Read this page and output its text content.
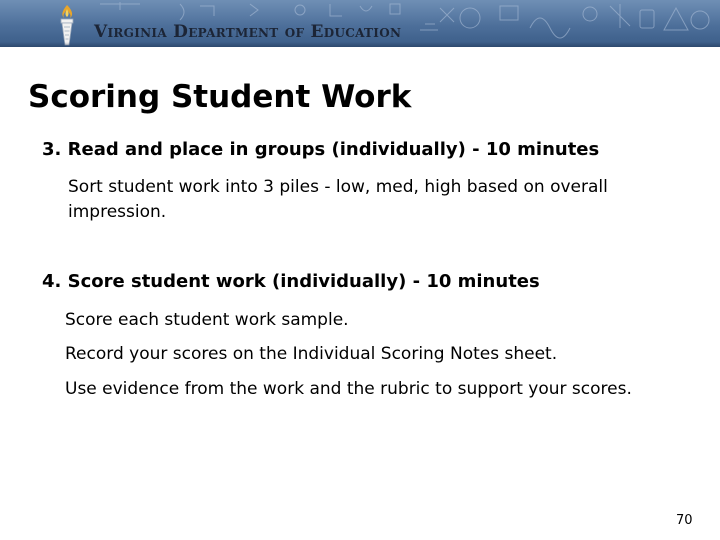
Virginia Department of Education
Scoring Student Work
3. Read and place in groups (individually) - 10 minutes

Sort student work into 3 piles - low, med, high based on overall impression.

4. Score student work (individually) - 10 minutes

Score each student work sample.

Record your scores on the Individual Scoring Notes sheet.

Use evidence from the work and the rubric to support your scores.

70
